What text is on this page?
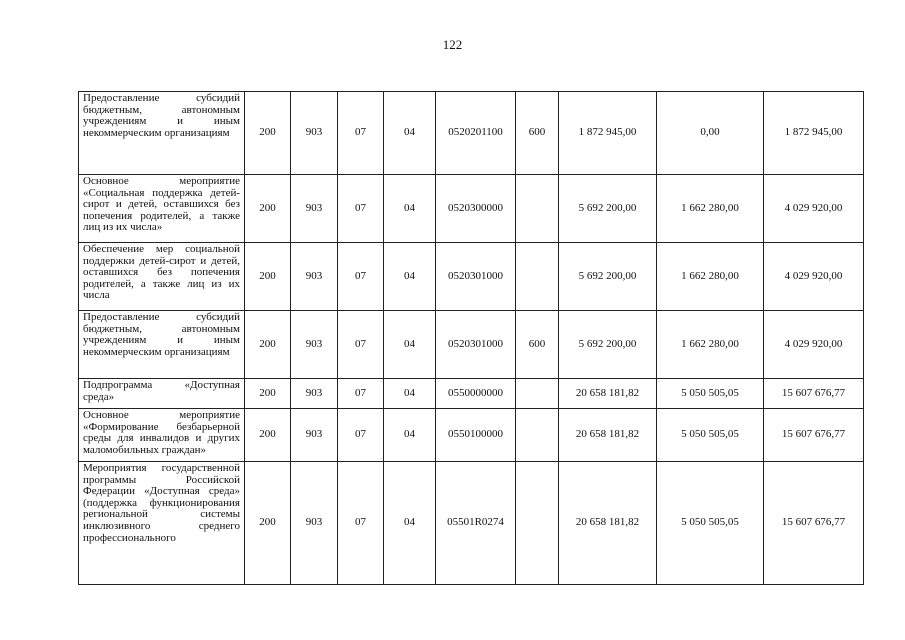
122
Предоставление субсидий бюджетным, автономным учреждениям и иным некоммерческим организациям	200	903	07	04	0520201100	600	1 872 945,00	0,00	1 872 945,00
Основное мероприятие «Социальная поддержка детей-сирот и детей, оставшихся без попечения родителей, а также лиц из их числа»	200	903	07	04	0520300000		5 692 200,00	1 662 280,00	4 029 920,00
Обеспечение мер социальной поддержки детей-сирот и детей, оставшихся без попечения родителей, а также лиц из их числа	200	903	07	04	0520301000		5 692 200,00	1 662 280,00	4 029 920,00
Предоставление субсидий бюджетным, автономным учреждениям и иным некоммерческим организациям	200	903	07	04	0520301000	600	5 692 200,00	1 662 280,00	4 029 920,00
Подпрограмма «Доступная среда»	200	903	07	04	0550000000		20 658 181,82	5 050 505,05	15 607 676,77
Основное мероприятие «Формирование безбарьерной среды для инвалидов и других маломобильных граждан»	200	903	07	04	0550100000		20 658 181,82	5 050 505,05	15 607 676,77
Мероприятия государственной программы Российской Федерации «Доступная среда» (поддержка функционирования региональной системы инклюзивного среднего профессионального	200	903	07	04	05501R0274		20 658 181,82	5 050 505,05	15 607 676,77
